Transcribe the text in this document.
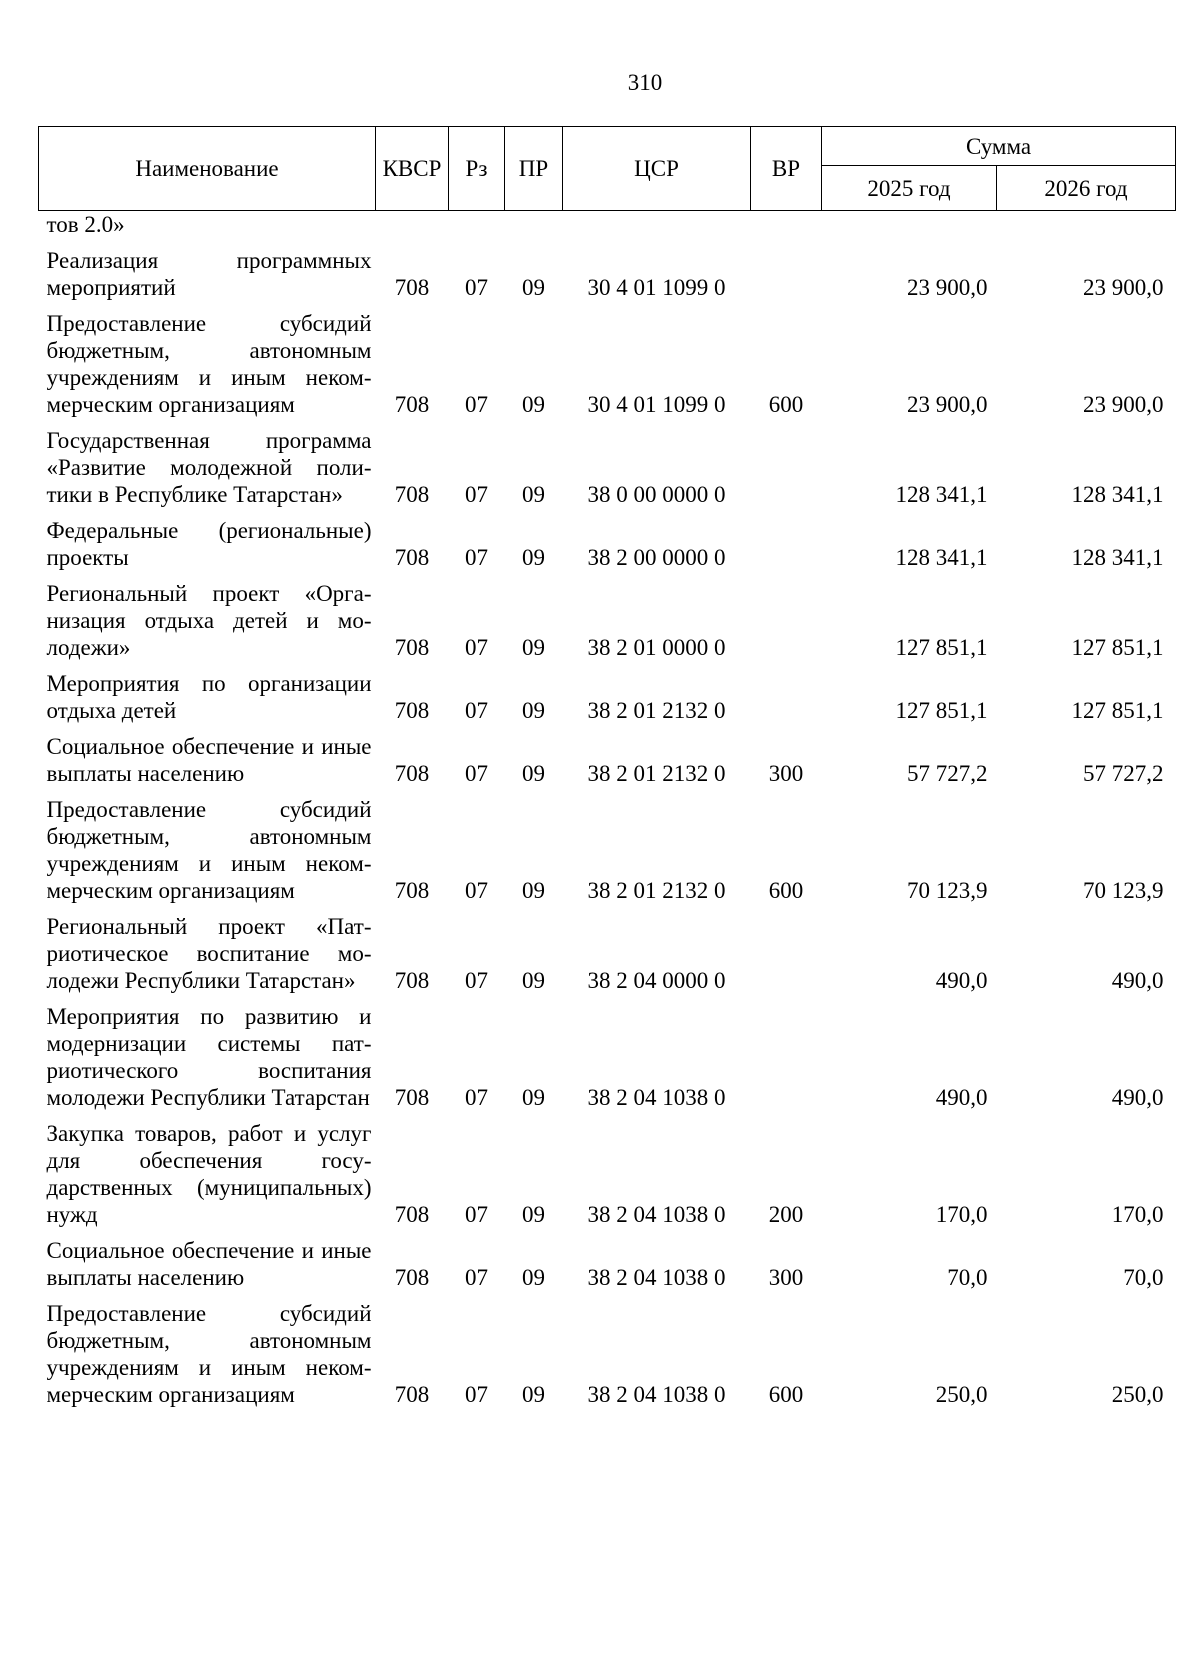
310
Наименование	КВСР	Рз	ПР	ЦСР	ВР	Сумма	
						2025 год	2026 год
тов 2.0»							
Реализация программных мероприятий	708	07	09	30 4 01 1099 0		23 900,0	23 900,0
Предоставление субсидий бюджетным, автономным учреждениям и иным некоммерческим организациям	708	07	09	30 4 01 1099 0	600	23 900,0	23 900,0
Государственная программа «Развитие молодежной политики в Республике Татарстан»	708	07	09	38 0 00 0000 0		128 341,1	128 341,1
Федеральные (региональные) проекты	708	07	09	38 2 00 0000 0		128 341,1	128 341,1
Региональный проект «Организация отдыха детей и молодежи»	708	07	09	38 2 01 0000 0		127 851,1	127 851,1
Мероприятия по организации отдыха детей	708	07	09	38 2 01 2132 0		127 851,1	127 851,1
Социальное обеспечение и иные выплаты населению	708	07	09	38 2 01 2132 0	300	57 727,2	57 727,2
Предоставление субсидий бюджетным, автономным учреждениям и иным некоммерческим организациям	708	07	09	38 2 01 2132 0	600	70 123,9	70 123,9
Региональный проект «Патриотическое воспитание молодежи Республики Татарстан»	708	07	09	38 2 04 0000 0		490,0	490,0
Мероприятия по развитию и модернизации системы патриотического воспитания молодежи Республики Татарстан	708	07	09	38 2 04 1038 0		490,0	490,0
Закупка товаров, работ и услуг для обеспечения государственных (муниципальных) нужд	708	07	09	38 2 04 1038 0	200	170,0	170,0
Социальное обеспечение и иные выплаты населению	708	07	09	38 2 04 1038 0	300	70,0	70,0
Предоставление субсидий бюджетным, автономным учреждениям и иным некоммерческим организациям	708	07	09	38 2 04 1038 0	600	250,0	250,0
